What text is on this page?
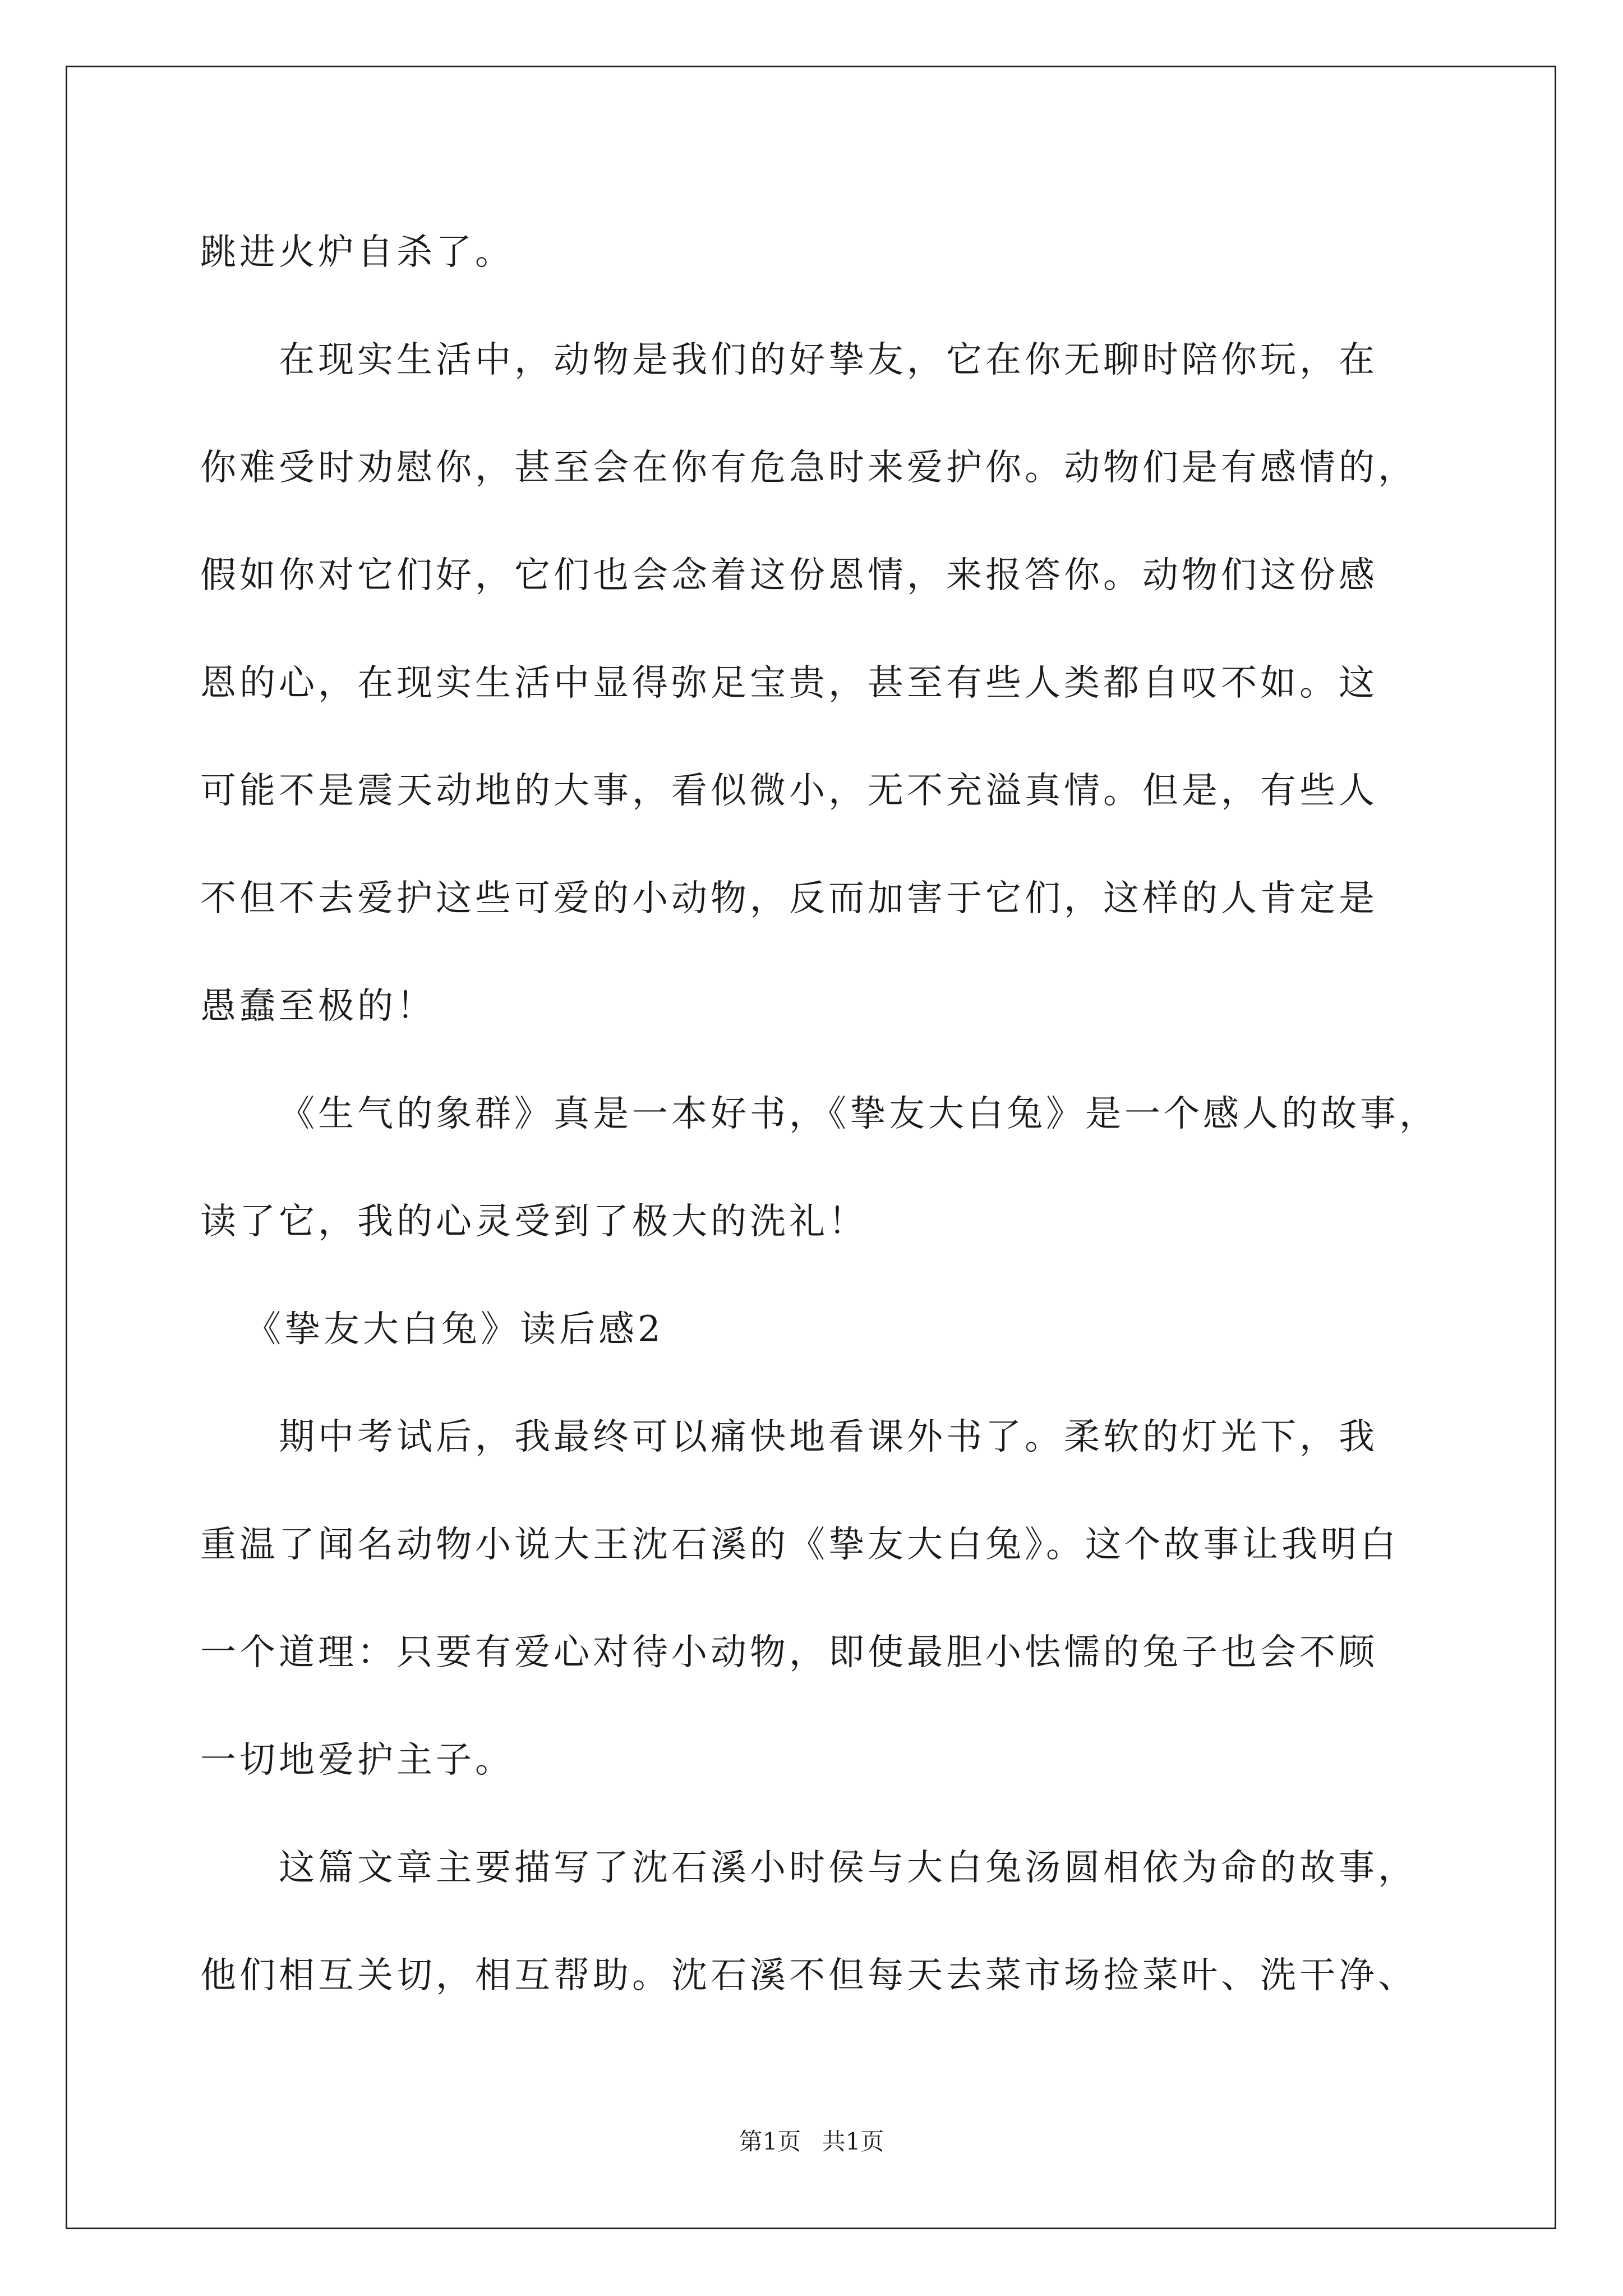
跳进火炉自杀了。
在现实生活中，动物是我们的好挚友，它在你无聊时陪你玩，在
你难受时劝慰你，甚至会在你有危急时来爱护你。动物们是有感情的，
假如你对它们好，它们也会念着这份恩情，来报答你。动物们这份感
恩的心，在现实生活中显得弥足宝贵，甚至有些人类都自叹不如。这
可能不是震天动地的大事，看似微小，无不充溢真情。但是，有些人
不但不去爱护这些可爱的小动物，反而加害于它们，这样的人肯定是
愚蠢至极的！
《生气的象群》真是一本好书，《挚友大白兔》是一个感人的故事，
读了它，我的心灵受到了极大的洗礼！
《挚友大白兔》读后感2
期中考试后，我最终可以痛快地看课外书了。柔软的灯光下，我
重温了闻名动物小说大王沈石溪的《挚友大白兔》。这个故事让我明白
一个道理：只要有爱心对待小动物，即使最胆小怯懦的兔子也会不顾
一切地爱护主子。
这篇文章主要描写了沈石溪小时侯与大白兔汤圆相依为命的故事，
他们相互关切，相互帮助。沈石溪不但每天去菜市场捡菜叶、洗干净、
第1页 共1页
